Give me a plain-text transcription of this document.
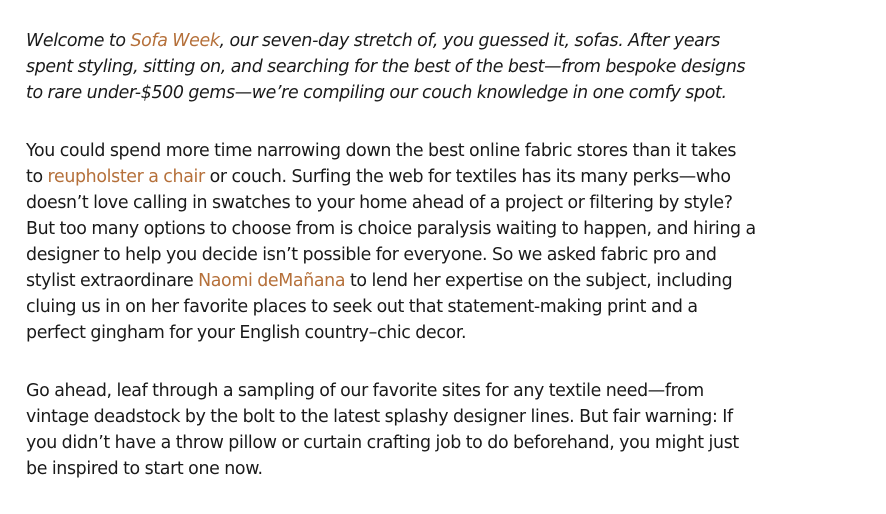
Welcome to Sofa Week, our seven-day stretch of, you guessed it, sofas. After years spent styling, sitting on, and searching for the best of the best—from bespoke designs to rare under-$500 gems—we’re compiling our couch knowledge in one comfy spot.

You could spend more time narrowing down the best online fabric stores than it takes to reupholster a chair or couch. Surfing the web for textiles has its many perks—who doesn’t love calling in swatches to your home ahead of a project or filtering by style? But too many options to choose from is choice paralysis waiting to happen, and hiring a designer to help you decide isn’t possible for everyone. So we asked fabric pro and stylist extraordinare Naomi deMañana to lend her expertise on the subject, including cluing us in on her favorite places to seek out that statement-making print and a perfect gingham for your English country–chic decor.

Go ahead, leaf through a sampling of our favorite sites for any textile need—from vintage deadstock by the bolt to the latest splashy designer lines. But fair warning: If you didn’t have a throw pillow or curtain crafting job to do beforehand, you might just be inspired to start one now.
